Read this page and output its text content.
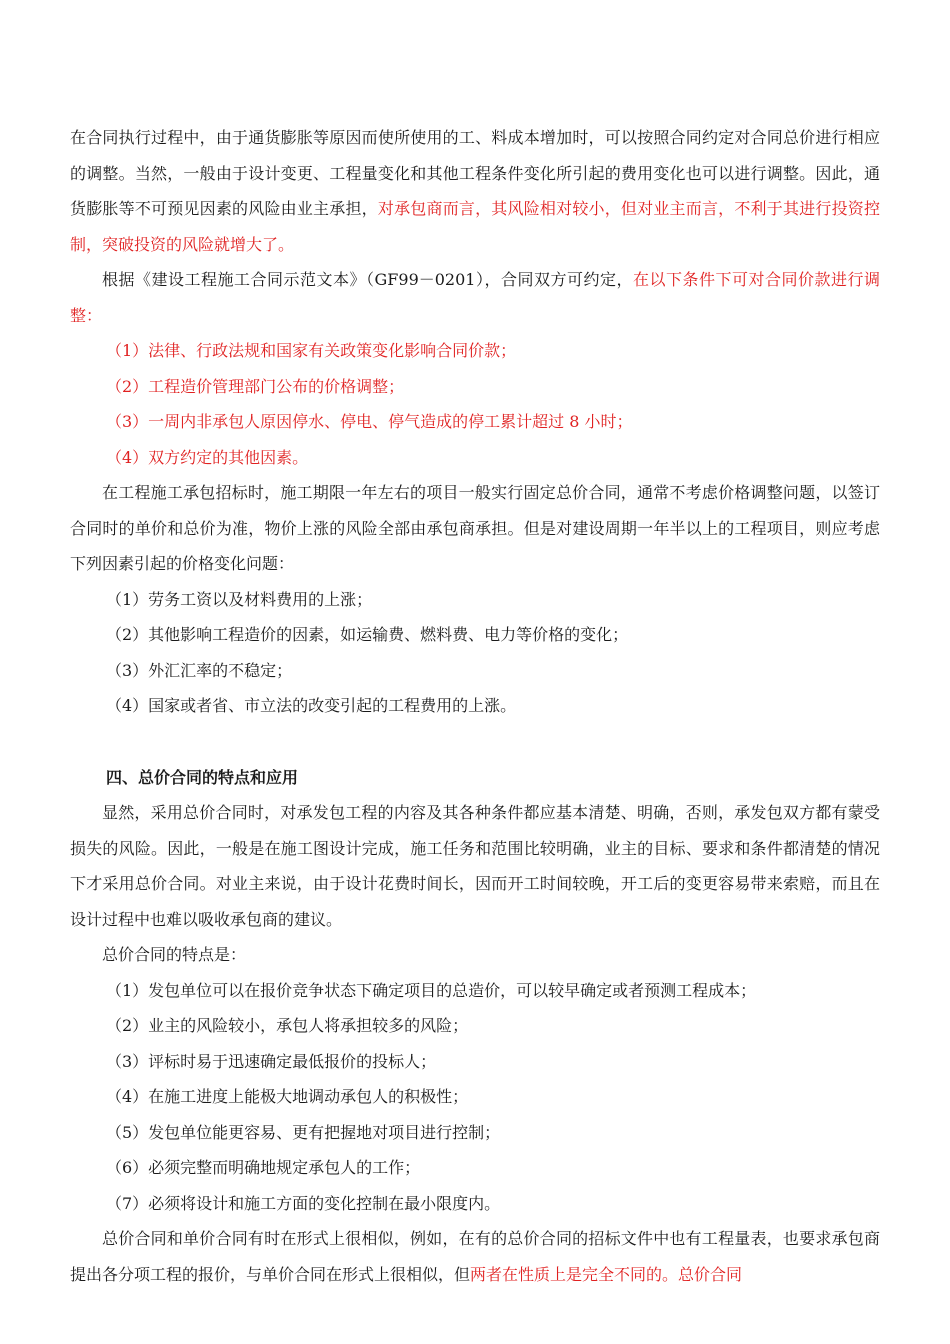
在合同执行过程中，由于通货膨胀等原因而使所使用的工、料成本增加时，可以按照合同约定对合同总价进行相应的调整。当然，一般由于设计变更、工程量变化和其他工程条件变化所引起的费用变化也可以进行调整。因此，通货膨胀等不可预见因素的风险由业主承担，对承包商而言，其风险相对较小，但对业主而言，不利于其进行投资控制，突破投资的风险就增大了。

根据《建设工程施工合同示范文本》（GF99－0201），合同双方可约定，在以下条件下可对合同价款进行调整：

（1）法律、行政法规和国家有关政策变化影响合同价款；

（2）工程造价管理部门公布的价格调整；

（3）一周内非承包人原因停水、停电、停气造成的停工累计超过 8 小时；

（4）双方约定的其他因素。

在工程施工承包招标时，施工期限一年左右的项目一般实行固定总价合同，通常不考虑价格调整问题，以签订合同时的单价和总价为准，物价上涨的风险全部由承包商承担。但是对建设周期一年半以上的工程项目，则应考虑下列因素引起的价格变化问题：

（1）劳务工资以及材料费用的上涨；

（2）其他影响工程造价的因素，如运输费、燃料费、电力等价格的变化；

（3）外汇汇率的不稳定；

（4）国家或者省、市立法的改变引起的工程费用的上涨。

四、总价合同的特点和应用

显然，采用总价合同时，对承发包工程的内容及其各种条件都应基本清楚、明确，否则，承发包双方都有蒙受损失的风险。因此，一般是在施工图设计完成，施工任务和范围比较明确，业主的目标、要求和条件都清楚的情况下才采用总价合同。对业主来说，由于设计花费时间长，因而开工时间较晚，开工后的变更容易带来索赔，而且在设计过程中也难以吸收承包商的建议。

总价合同的特点是：

（1）发包单位可以在报价竞争状态下确定项目的总造价，可以较早确定或者预测工程成本；

（2）业主的风险较小，承包人将承担较多的风险；

（3）评标时易于迅速确定最低报价的投标人；

（4）在施工进度上能极大地调动承包人的积极性；

（5）发包单位能更容易、更有把握地对项目进行控制；

（6）必须完整而明确地规定承包人的工作；

（7）必须将设计和施工方面的变化控制在最小限度内。

总价合同和单价合同有时在形式上很相似，例如，在有的总价合同的招标文件中也有工程量表，也要求承包商提出各分项工程的报价，与单价合同在形式上很相似，但两者在性质上是完全不同的。总价合同
